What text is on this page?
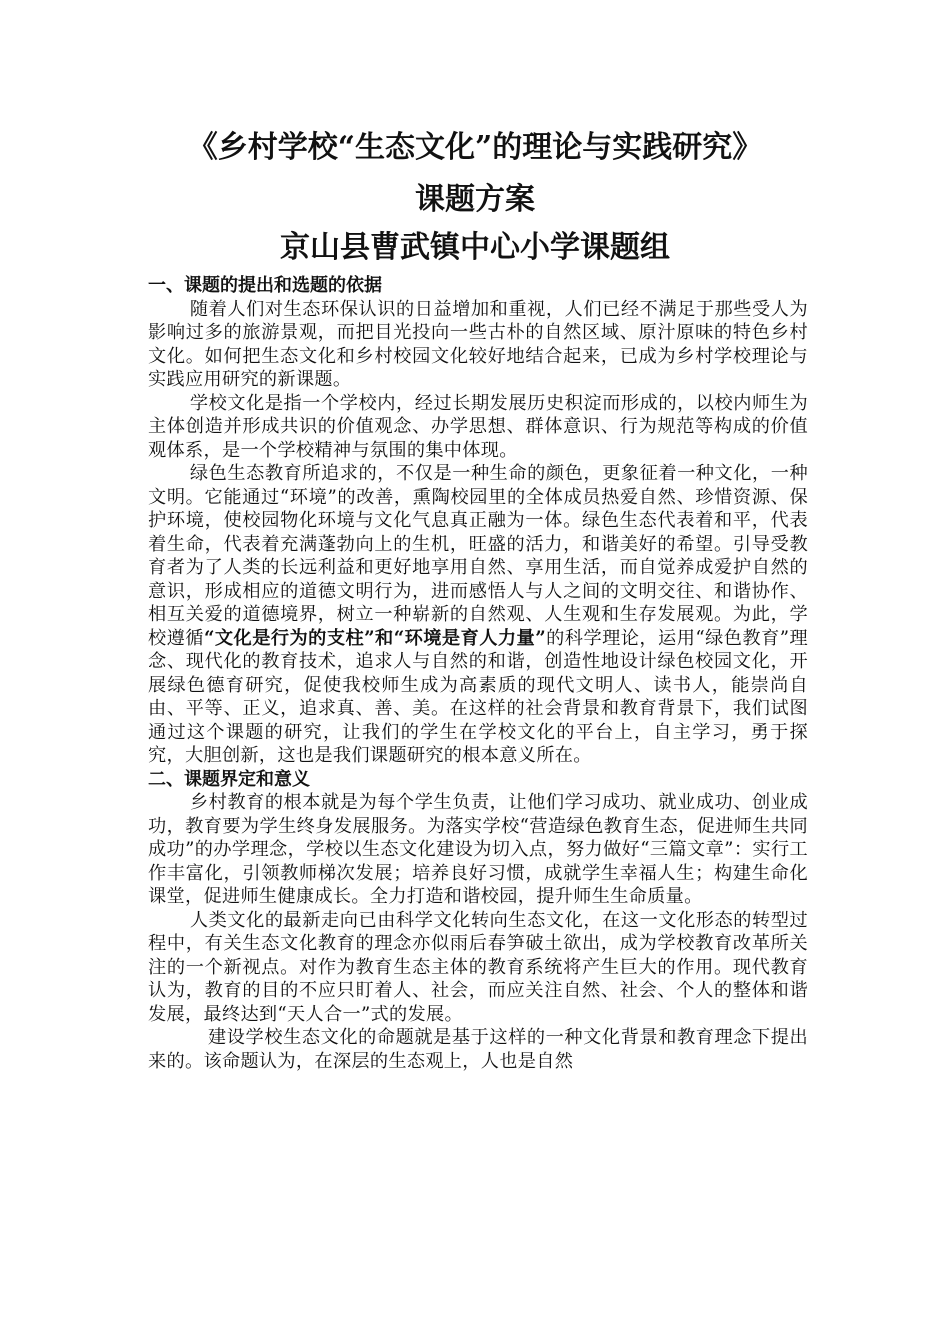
《乡村学校“生态文化”的理论与实践研究》
课题方案
京山县曹武镇中心小学课题组
一、课题的提出和选题的依据

随着人们对生态环保认识的日益增加和重视，人们已经不满足于那些受人为影响过多的旅游景观，而把目光投向一些古朴的自然区域、原汁原味的特色乡村文化。如何把生态文化和乡村校园文化较好地结合起来，已成为乡村学校理论与实践应用研究的新课题。

学校文化是指一个学校内，经过长期发展历史积淀而形成的，以校内师生为主体创造并形成共识的价值观念、办学思想、群体意识、行为规范等构成的价值观体系，是一个学校精神与氛围的集中体现。

绿色生态教育所追求的，不仅是一种生命的颜色，更象征着一种文化，一种文明。它能通过“环境”的改善，熏陶校园里的全体成员热爱自然、珍惜资源、保护环境，使校园物化环境与文化气息真正融为一体。绿色生态代表着和平，代表着生命，代表着充满蓬勃向上的生机，旺盛的活力，和谐美好的希望。引导受教育者为了人类的长远利益和更好地享用自然、享用生活，而自觉养成爱护自然的意识，形成相应的道德文明行为，进而感悟人与人之间的文明交往、和谐协作、相互关爱的道德境界，树立一种崭新的自然观、人生观和生存发展观。为此，学校遵循“文化是行为的支柱”和“环境是育人力量”的科学理论，运用“绿色教育”理念、现代化的教育技术，追求人与自然的和谐，创造性地设计绿色校园文化，开展绿色德育研究，促使我校师生成为高素质的现代文明人、读书人，能崇尚自由、平等、正义，追求真、善、美。在这样的社会背景和教育背景下，我们试图通过这个课题的研究，让我们的学生在学校文化的平台上，自主学习，勇于探究，大胆创新，这也是我们课题研究的根本意义所在。

二、课题界定和意义

乡村教育的根本就是为每个学生负责，让他们学习成功、就业成功、创业成功，教育要为学生终身发展服务。为落实学校“营造绿色教育生态，促进师生共同成功”的办学理念，学校以生态文化建设为切入点，努力做好“三篇文章”：实行工作丰富化，引领教师梯次发展；培养良好习惯，成就学生幸福人生；构建生命化课堂，促进师生健康成长。全力打造和谐校园，提升师生生命质量。

人类文化的最新走向已由科学文化转向生态文化，在这一文化形态的转型过程中，有关生态文化教育的理念亦似雨后春笋破土欲出，成为学校教育改革所关注的一个新视点。对作为教育生态主体的教育系统将产生巨大的作用。现代教育认为，教育的目的不应只盯着人、社会，而应关注自然、社会、个人的整体和谐发展，最终达到“天人合一”式的发展。

建设学校生态文化的命题就是基于这样的一种文化背景和教育理念下提出来的。该命题认为，在深层的生态观上，人也是自然
